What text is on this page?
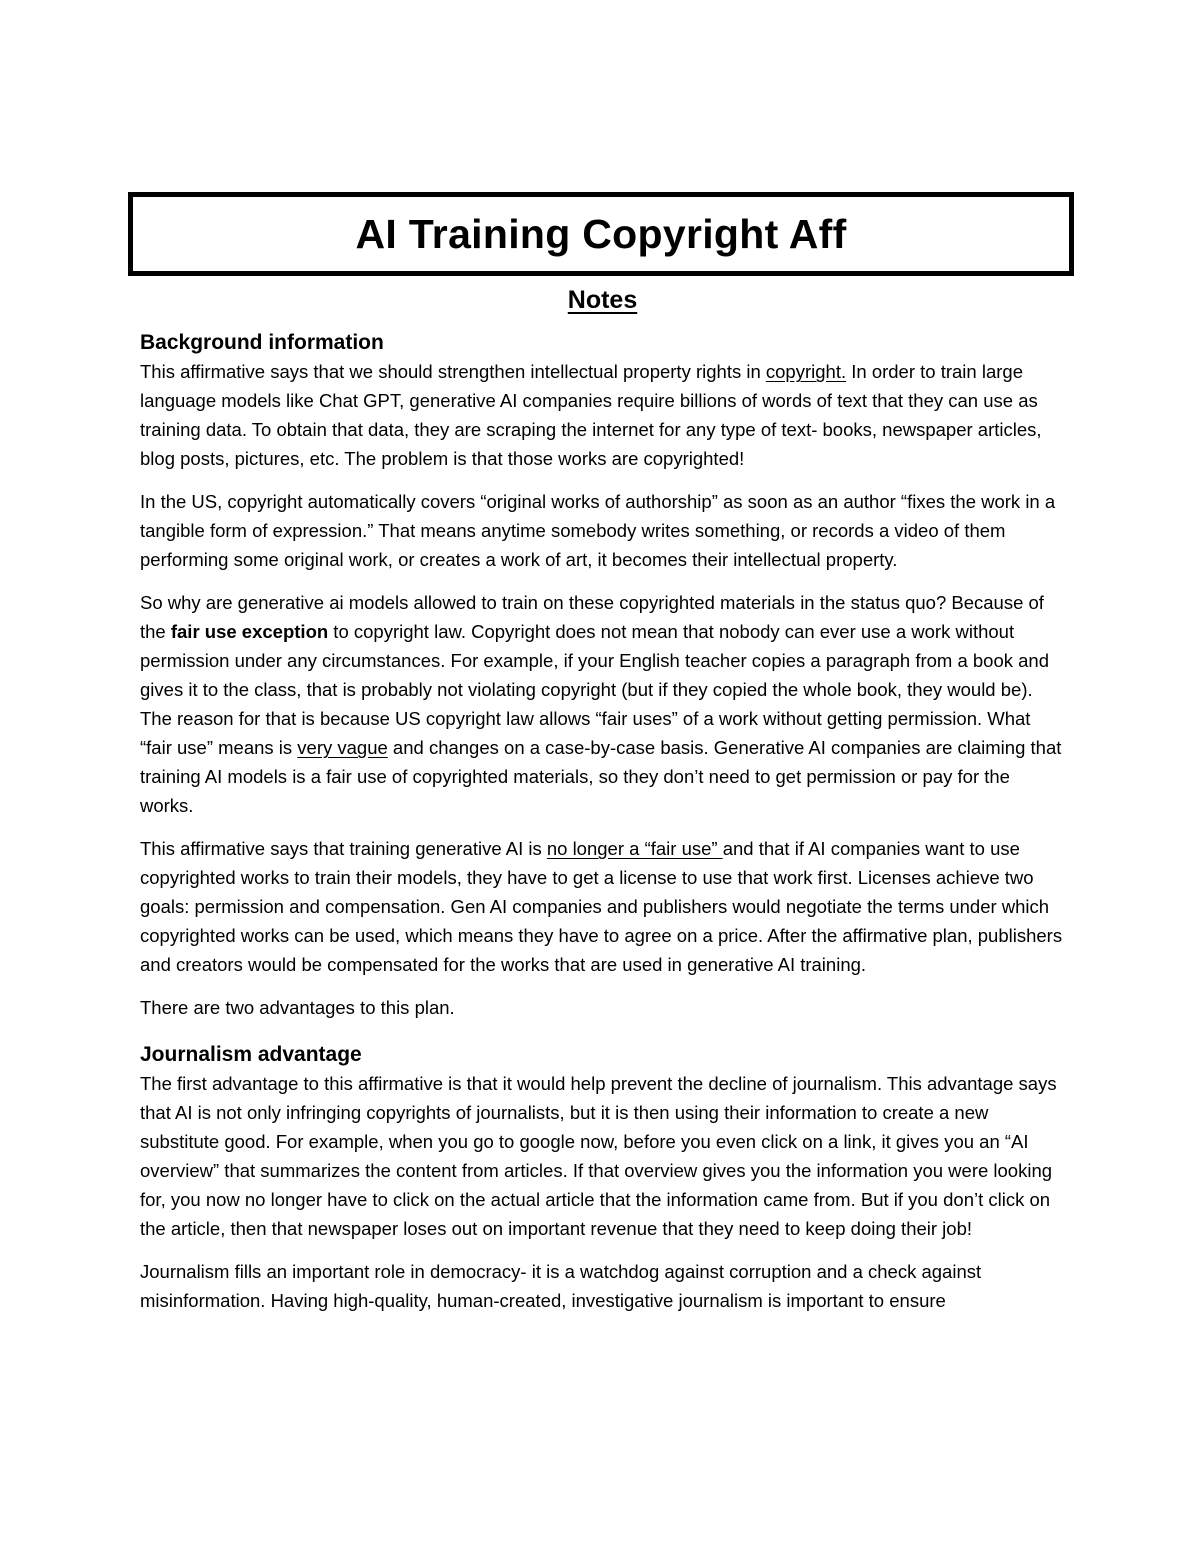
AI Training Copyright Aff
Notes
Background information

This affirmative says that we should strengthen intellectual property rights in copyright. In order to train large language models like Chat GPT, generative AI companies require billions of words of text that they can use as training data. To obtain that data, they are scraping the internet for any type of text- books, newspaper articles, blog posts, pictures, etc. The problem is that those works are copyrighted!

In the US, copyright automatically covers “original works of authorship” as soon as an author “fixes the work in a tangible form of expression.” That means anytime somebody writes something, or records a video of them performing some original work, or creates a work of art, it becomes their intellectual property.

So why are generative ai models allowed to train on these copyrighted materials in the status quo? Because of the fair use exception to copyright law. Copyright does not mean that nobody can ever use a work without permission under any circumstances. For example, if your English teacher copies a paragraph from a book and gives it to the class, that is probably not violating copyright (but if they copied the whole book, they would be). The reason for that is because US copyright law allows “fair uses” of a work without getting permission. What “fair use” means is very vague and changes on a case-by-case basis. Generative AI companies are claiming that training AI models is a fair use of copyrighted materials, so they don’t need to get permission or pay for the works.

This affirmative says that training generative AI is no longer a “fair use” and that if AI companies want to use copyrighted works to train their models, they have to get a license to use that work first. Licenses achieve two goals: permission and compensation. Gen AI companies and publishers would negotiate the terms under which copyrighted works can be used, which means they have to agree on a price. After the affirmative plan, publishers and creators would be compensated for the works that are used in generative AI training.

There are two advantages to this plan.

Journalism advantage

The first advantage to this affirmative is that it would help prevent the decline of journalism. This advantage says that AI is not only infringing copyrights of journalists, but it is then using their information to create a new substitute good. For example, when you go to google now, before you even click on a link, it gives you an “AI overview” that summarizes the content from articles. If that overview gives you the information you were looking for, you now no longer have to click on the actual article that the information came from. But if you don’t click on the article, then that newspaper loses out on important revenue that they need to keep doing their job!

Journalism fills an important role in democracy- it is a watchdog against corruption and a check against misinformation. Having high-quality, human-created, investigative journalism is important to ensure
